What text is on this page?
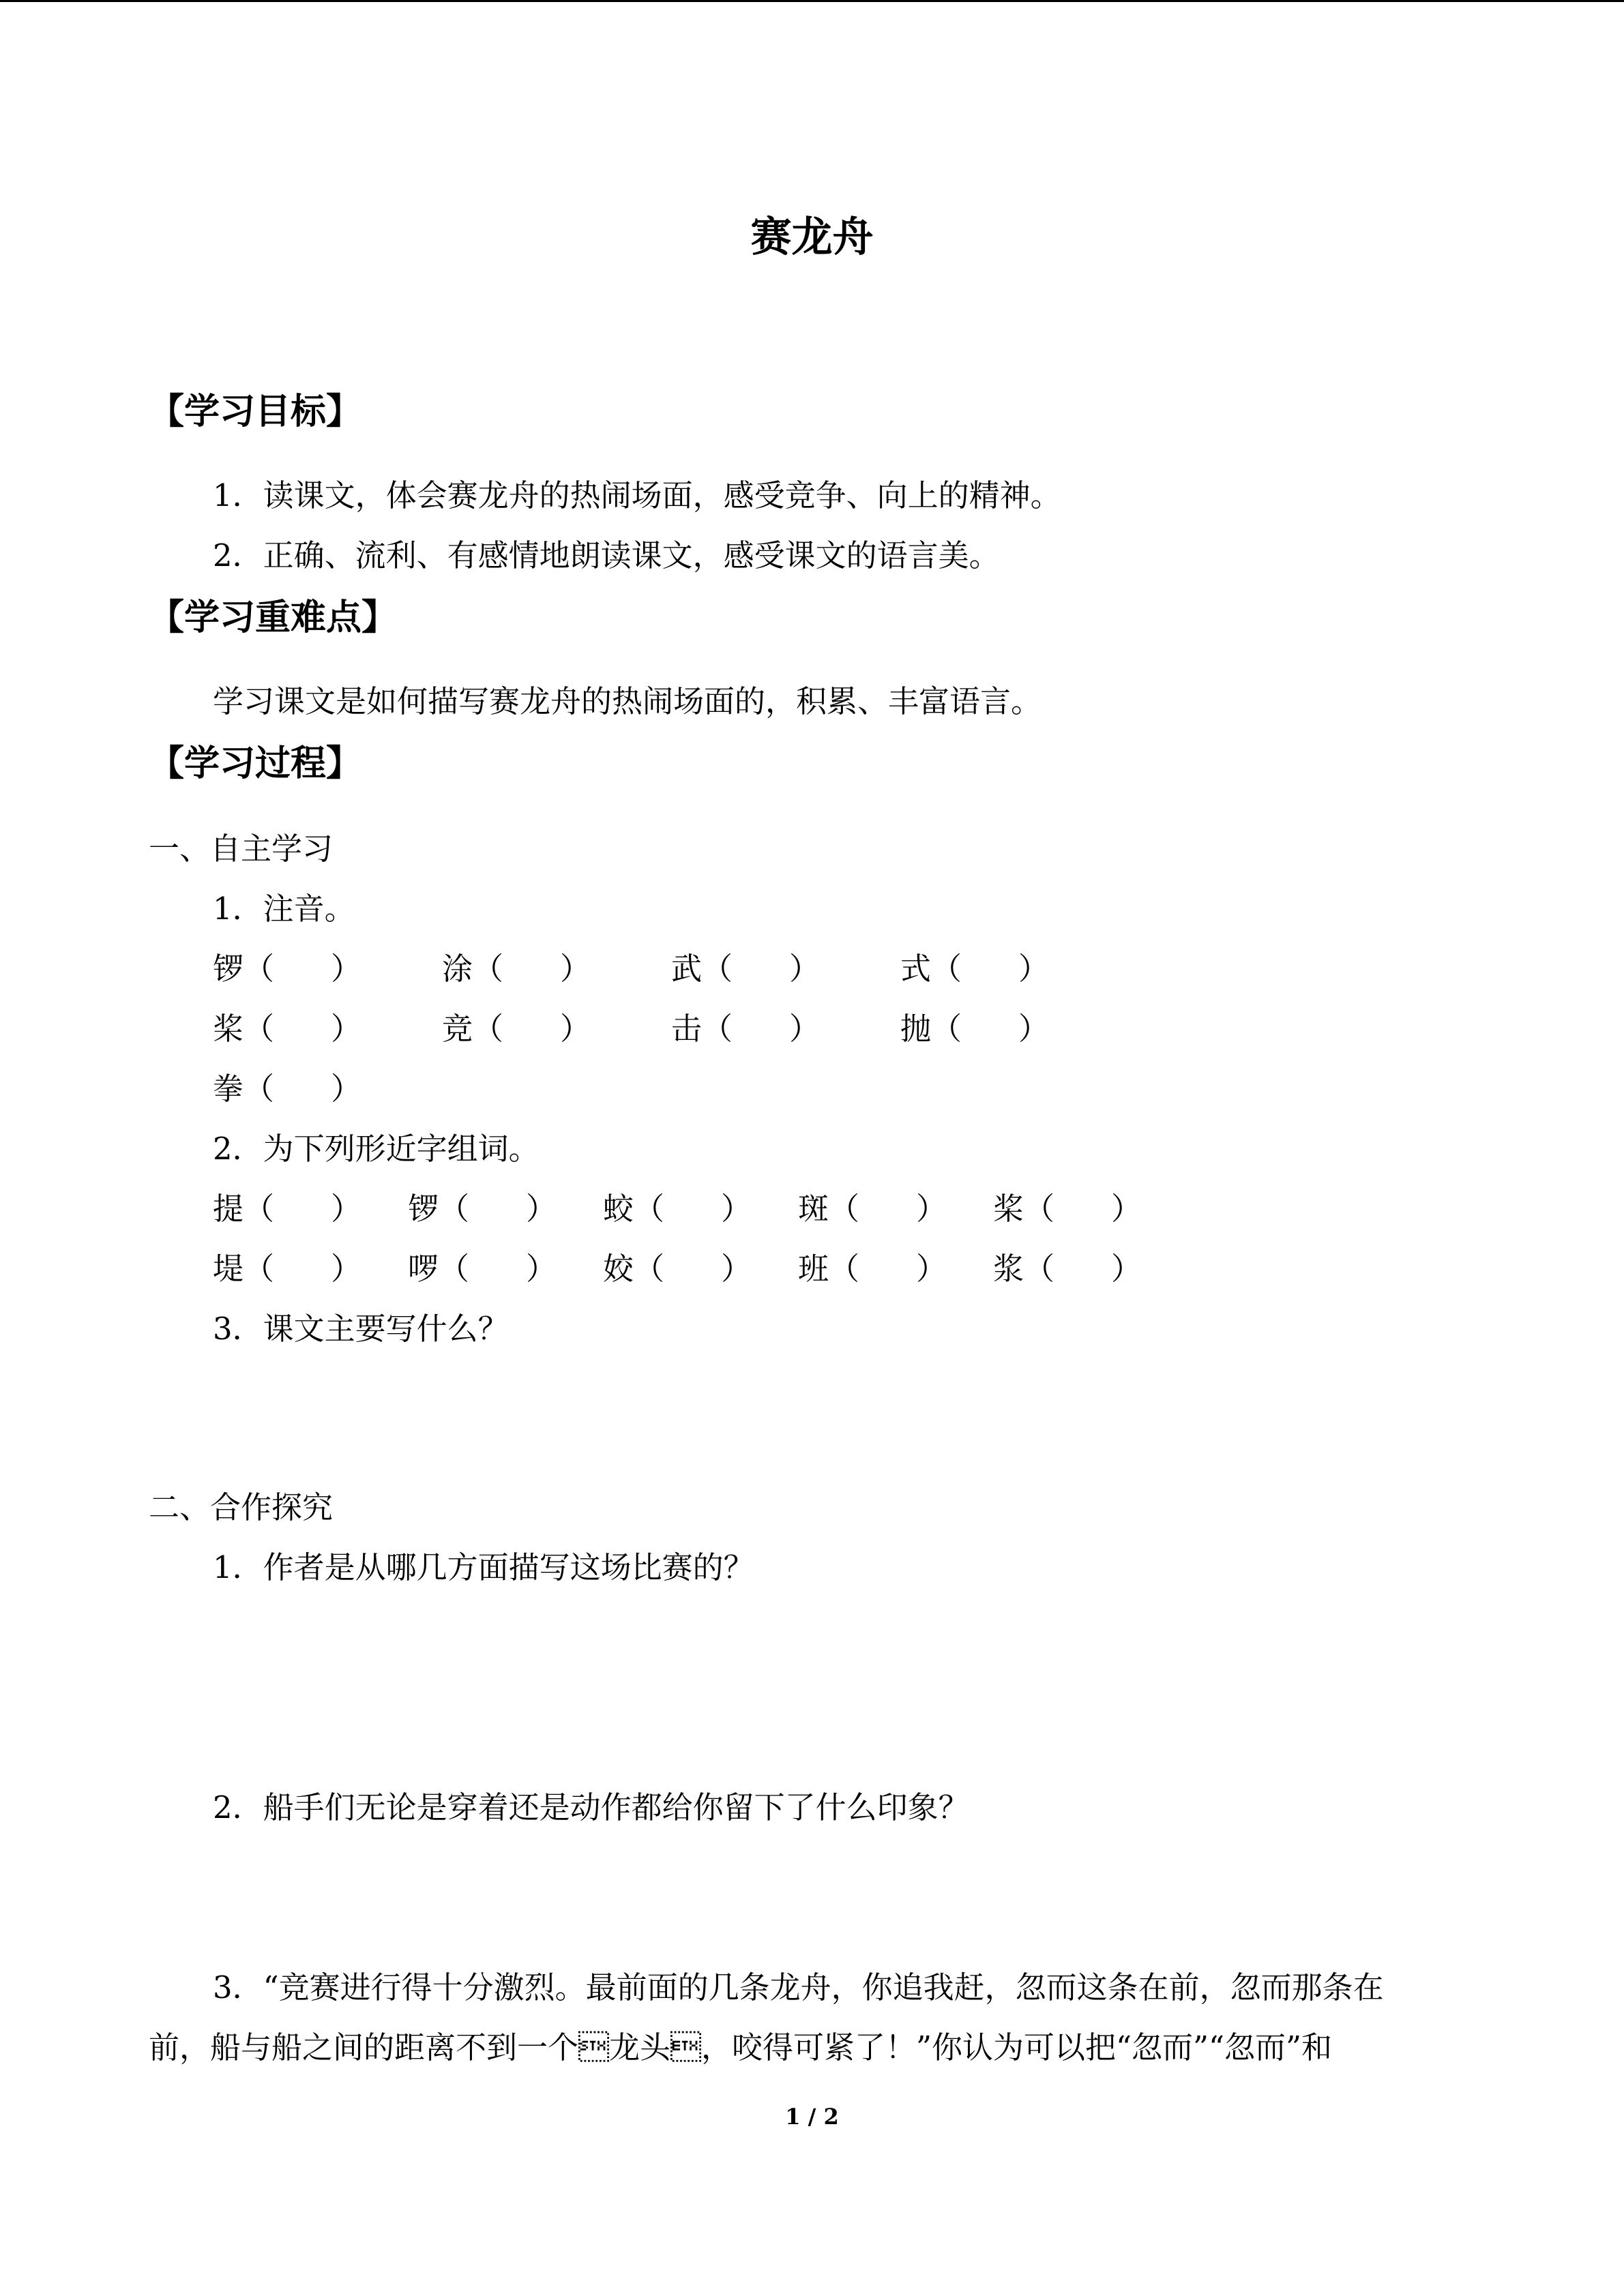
赛龙舟
【学习目标】
1．读课文，体会赛龙舟的热闹场面，感受竞争、向上的精神。
2．正确、流利、有感情地朗读课文，感受课文的语言美。
【学习重难点】
学习课文是如何描写赛龙舟的热闹场面的，积累、丰富语言。
【学习过程】
一、自主学习
1．注音。
锣（ ）	涂（ ）	武（ ）	式（ ）
桨（ ）	竞（ ）	击（ ）	抛（ ）
拳（ ）
2．为下列形近字组词。
提（ ） 锣（ ） 蛟（ ） 斑（ ） 桨（ ）
堤（ ） 啰（ ） 姣（ ） 班（ ） 浆（ ）
3．课文主要写什么？
二、合作探究
1．作者是从哪几方面描写这场比赛的？
2．船手们无论是穿着还是动作都给你留下了什么印象？
3．“竞赛进行得十分激烈。最前面的几条龙舟，你追我赶，忽而这条在前，忽而那条在
前，船与船之间的距离不到一个龙头，咬得可紧了！”你认为可以把“忽而”“忽而”和
1 / 2
